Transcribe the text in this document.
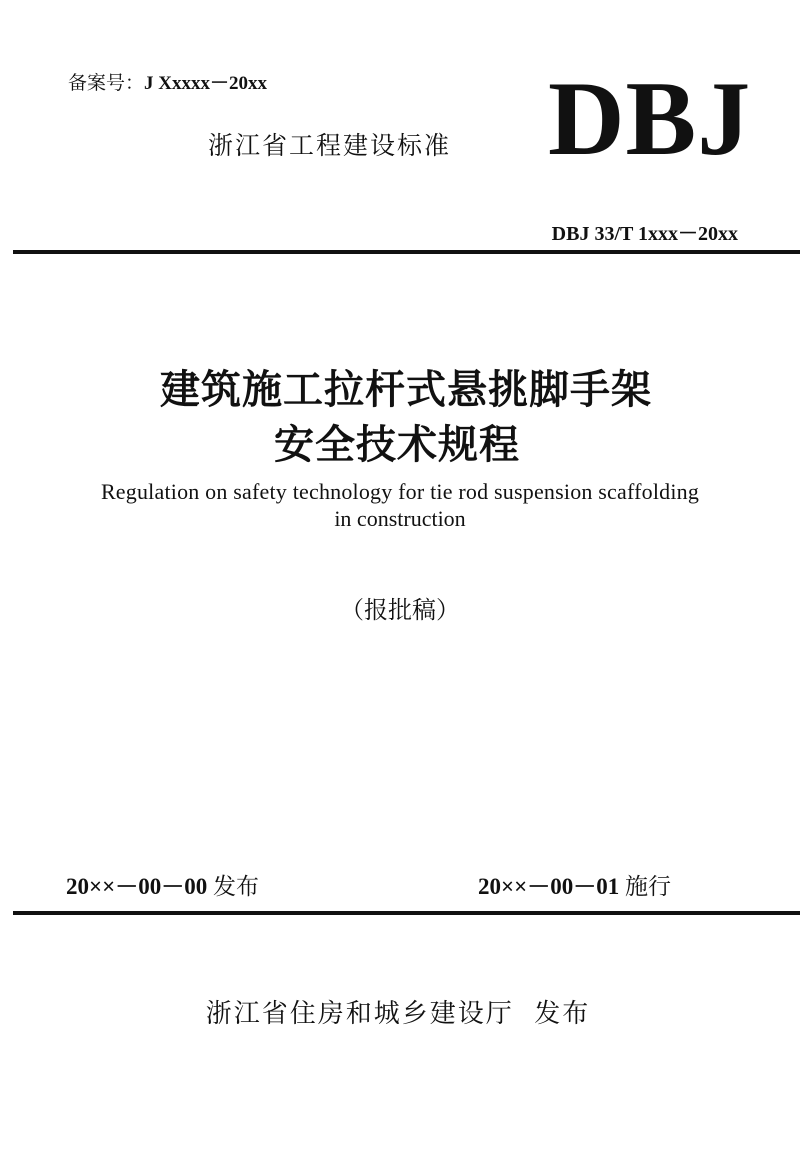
备案号：J Xxxxx－20xx
浙江省工程建设标准 DBJ
DBJ 33/T 1xxx－20xx
建筑施工拉杆式悬挑脚手架
安全技术规程
Regulation on safety technology for tie rod suspension scaffolding
in construction
（报批稿）
20××－00－00 发布	20××－00－01 施行
浙江省住房和城乡建设厅  发布
